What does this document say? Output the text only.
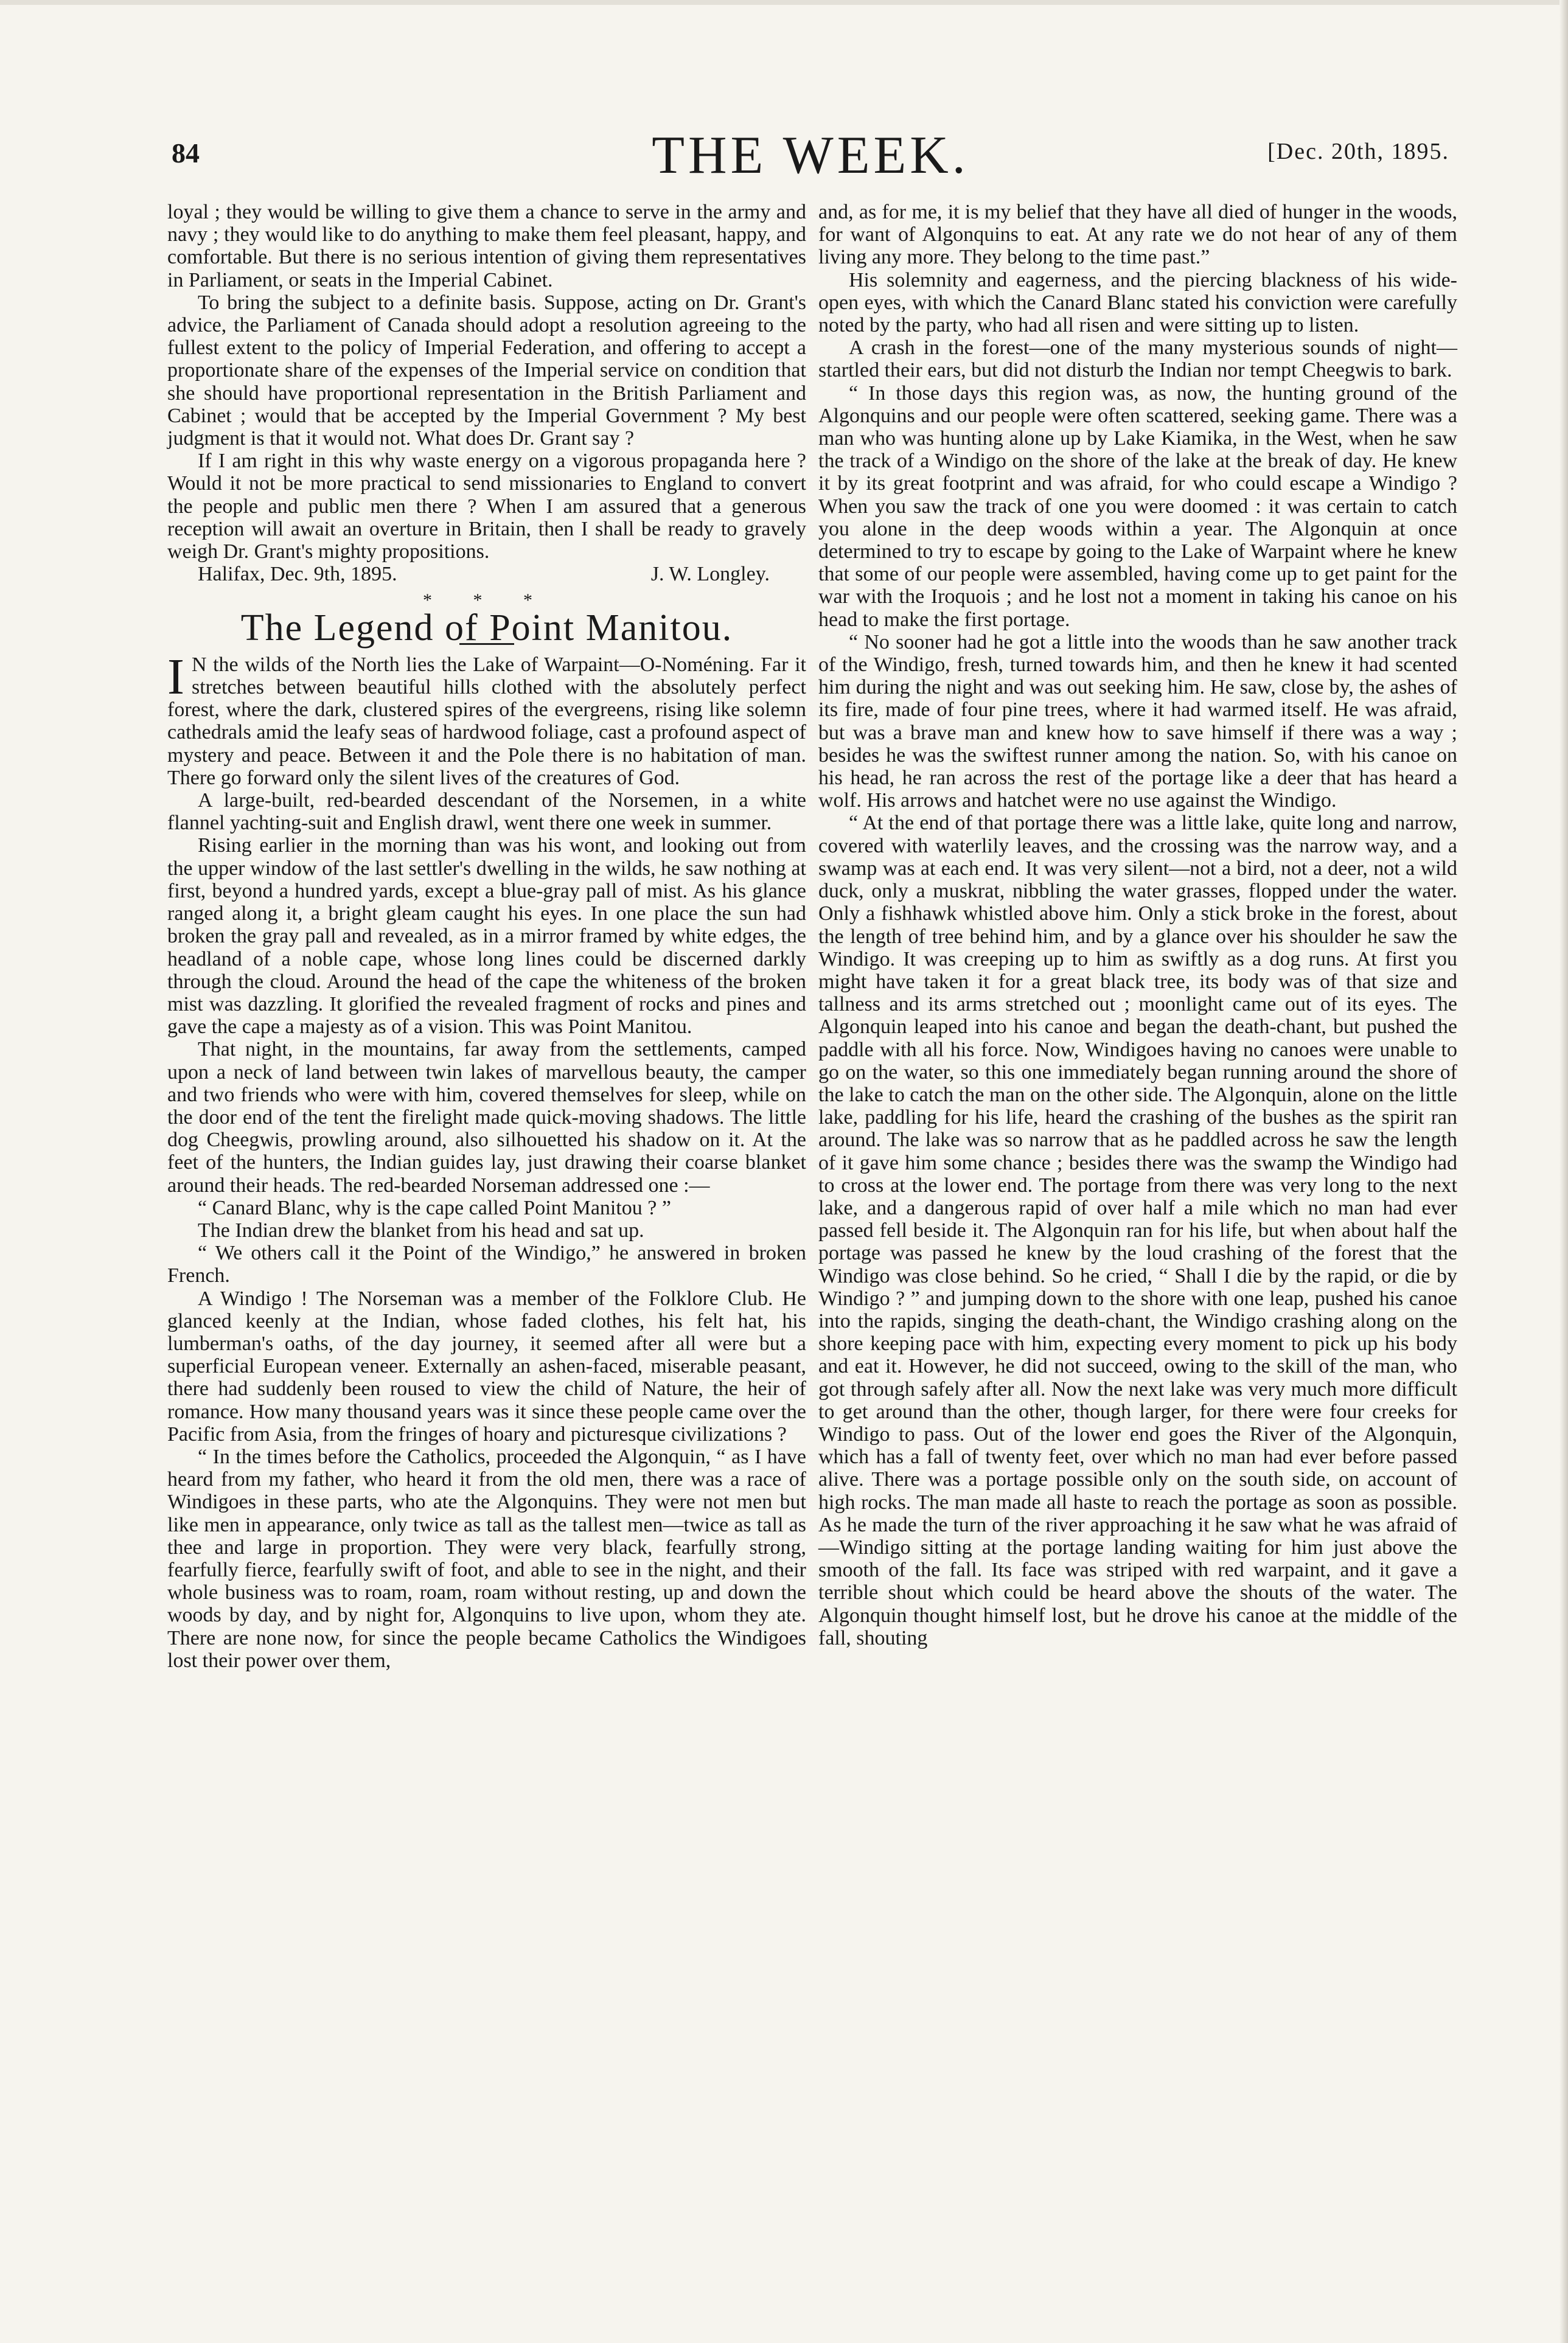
84	THE WEEK.	[Dec. 20th, 1895.

loyal ; they would be willing to give them a chance to serve in the army and navy ; they would like to do anything to make them feel pleasant, happy, and comfortable. But there is no serious intention of giving them representatives in Parliament, or seats in the Imperial Cabinet.

To bring the subject to a definite basis. Suppose, acting on Dr. Grant's advice, the Parliament of Canada should adopt a resolution agreeing to the fullest extent to the policy of Imperial Federation, and offering to accept a proportionate share of the expenses of the Imperial service on condition that she should have proportional representation in the British Parliament and Cabinet ; would that be accepted by the Imperial Government ? My best judgment is that it would not. What does Dr. Grant say ?

If I am right in this why waste energy on a vigorous propaganda here ? Would it not be more practical to send missionaries to England to convert the people and public men there ? When I am assured that a generous reception will await an overture in Britain, then I shall be ready to gravely weigh Dr. Grant's mighty propositions.

Halifax, Dec. 9th, 1895.	J. W. Longley.
* * *
The Legend of Point Manitou.

I N the wilds of the North lies the Lake of Warpaint—O-Noméning. Far it stretches between beautiful hills clothed with the absolutely perfect forest, where the dark, clustered spires of the evergreens, rising like solemn cathedrals amid the leafy seas of hardwood foliage, cast a profound aspect of mystery and peace. Between it and the Pole there is no habitation of man. There go forward only the silent lives of the creatures of God.

A large-built, red-bearded descendant of the Norsemen, in a white flannel yachting-suit and English drawl, went there one week in summer.

Rising earlier in the morning than was his wont, and looking out from the upper window of the last settler's dwelling in the wilds, he saw nothing at first, beyond a hundred yards, except a blue-gray pall of mist. As his glance ranged along it, a bright gleam caught his eyes. In one place the sun had broken the gray pall and revealed, as in a mirror framed by white edges, the headland of a noble cape, whose long lines could be discerned darkly through the cloud. Around the head of the cape the whiteness of the broken mist was dazzling. It glorified the revealed fragment of rocks and pines and gave the cape a majesty as of a vision. This was Point Manitou.

That night, in the mountains, far away from the settlements, camped upon a neck of land between twin lakes of marvellous beauty, the camper and two friends who were with him, covered themselves for sleep, while on the door end of the tent the firelight made quick-moving shadows. The little dog Cheegwis, prowling around, also silhouetted his shadow on it. At the feet of the hunters, the Indian guides lay, just drawing their coarse blanket around their heads. The red-bearded Norseman addressed one :—

“ Canard Blanc, why is the cape called Point Manitou ? ”

The Indian drew the blanket from his head and sat up.

“ We others call it the Point of the Windigo,” he answered in broken French.

A Windigo ! The Norseman was a member of the Folklore Club. He glanced keenly at the Indian, whose faded clothes, his felt hat, his lumberman's oaths, of the day journey, it seemed after all were but a superficial European veneer. Externally an ashen-faced, miserable peasant, there had suddenly been roused to view the child of Nature, the heir of romance. How many thousand years was it since these people came over the Pacific from Asia, from the fringes of hoary and picturesque civilizations ?

“ In the times before the Catholics, proceeded the Algonquin, “ as I have heard from my father, who heard it from the old men, there was a race of Windigoes in these parts, who ate the Algonquins. They were not men but like men in appearance, only twice as tall as the tallest men—twice as tall as thee and large in proportion. They were very black, fearfully strong, fearfully fierce, fearfully swift of foot, and able to see in the night, and their whole business was to roam, roam, roam without resting, up and down the woods by day, and by night for, Algonquins to live upon, whom they ate. There are none now, for since the people became Catholics the Windigoes lost their power over them,

and, as for me, it is my belief that they have all died of hunger in the woods, for want of Algonquins to eat. At any rate we do not hear of any of them living any more. They belong to the time past.”

His solemnity and eagerness, and the piercing blackness of his wide-open eyes, with which the Canard Blanc stated his conviction were carefully noted by the party, who had all risen and were sitting up to listen.

A crash in the forest—one of the many mysterious sounds of night—startled their ears, but did not disturb the Indian nor tempt Cheegwis to bark.

“ In those days this region was, as now, the hunting ground of the Algonquins and our people were often scattered, seeking game. There was a man who was hunting alone up by Lake Kiamika, in the West, when he saw the track of a Windigo on the shore of the lake at the break of day. He knew it by its great footprint and was afraid, for who could escape a Windigo ? When you saw the track of one you were doomed : it was certain to catch you alone in the deep woods within a year. The Algonquin at once determined to try to escape by going to the Lake of Warpaint where he knew that some of our people were assembled, having come up to get paint for the war with the Iroquois ; and he lost not a moment in taking his canoe on his head to make the first portage.

“ No sooner had he got a little into the woods than he saw another track of the Windigo, fresh, turned towards him, and then he knew it had scented him during the night and was out seeking him. He saw, close by, the ashes of its fire, made of four pine trees, where it had warmed itself. He was afraid, but was a brave man and knew how to save himself if there was a way ; besides he was the swiftest runner among the nation. So, with his canoe on his head, he ran across the rest of the portage like a deer that has heard a wolf. His arrows and hatchet were no use against the Windigo.

“ At the end of that portage there was a little lake, quite long and narrow, covered with waterlily leaves, and the crossing was the narrow way, and a swamp was at each end. It was very silent—not a bird, not a deer, not a wild duck, only a muskrat, nibbling the water grasses, flopped under the water. Only a fishhawk whistled above him. Only a stick broke in the forest, about the length of tree behind him, and by a glance over his shoulder he saw the Windigo. It was creeping up to him as swiftly as a dog runs. At first you might have taken it for a great black tree, its body was of that size and tallness and its arms stretched out ; moonlight came out of its eyes. The Algonquin leaped into his canoe and began the death-chant, but pushed the paddle with all his force. Now, Windigoes having no canoes were unable to go on the water, so this one immediately began running around the shore of the lake to catch the man on the other side. The Algonquin, alone on the little lake, paddling for his life, heard the crashing of the bushes as the spirit ran around. The lake was so narrow that as he paddled across he saw the length of it gave him some chance ; besides there was the swamp the Windigo had to cross at the lower end. The portage from there was very long to the next lake, and a dangerous rapid of over half a mile which no man had ever passed fell beside it. The Algonquin ran for his life, but when about half the portage was passed he knew by the loud crashing of the forest that the Windigo was close behind. So he cried, “ Shall I die by the rapid, or die by Windigo ? ” and jumping down to the shore with one leap, pushed his canoe into the rapids, singing the death-chant, the Windigo crashing along on the shore keeping pace with him, expecting every moment to pick up his body and eat it. However, he did not succeed, owing to the skill of the man, who got through safely after all. Now the next lake was very much more difficult to get around than the other, though larger, for there were four creeks for Windigo to pass. Out of the lower end goes the River of the Algonquin, which has a fall of twenty feet, over which no man had ever before passed alive. There was a portage possible only on the south side, on account of high rocks. The man made all haste to reach the portage as soon as possible. As he made the turn of the river approaching it he saw what he was afraid of—Windigo sitting at the portage landing waiting for him just above the smooth of the fall. Its face was striped with red warpaint, and it gave a terrible shout which could be heard above the shouts of the water. The Algonquin thought himself lost, but he drove his canoe at the middle of the fall, shouting
